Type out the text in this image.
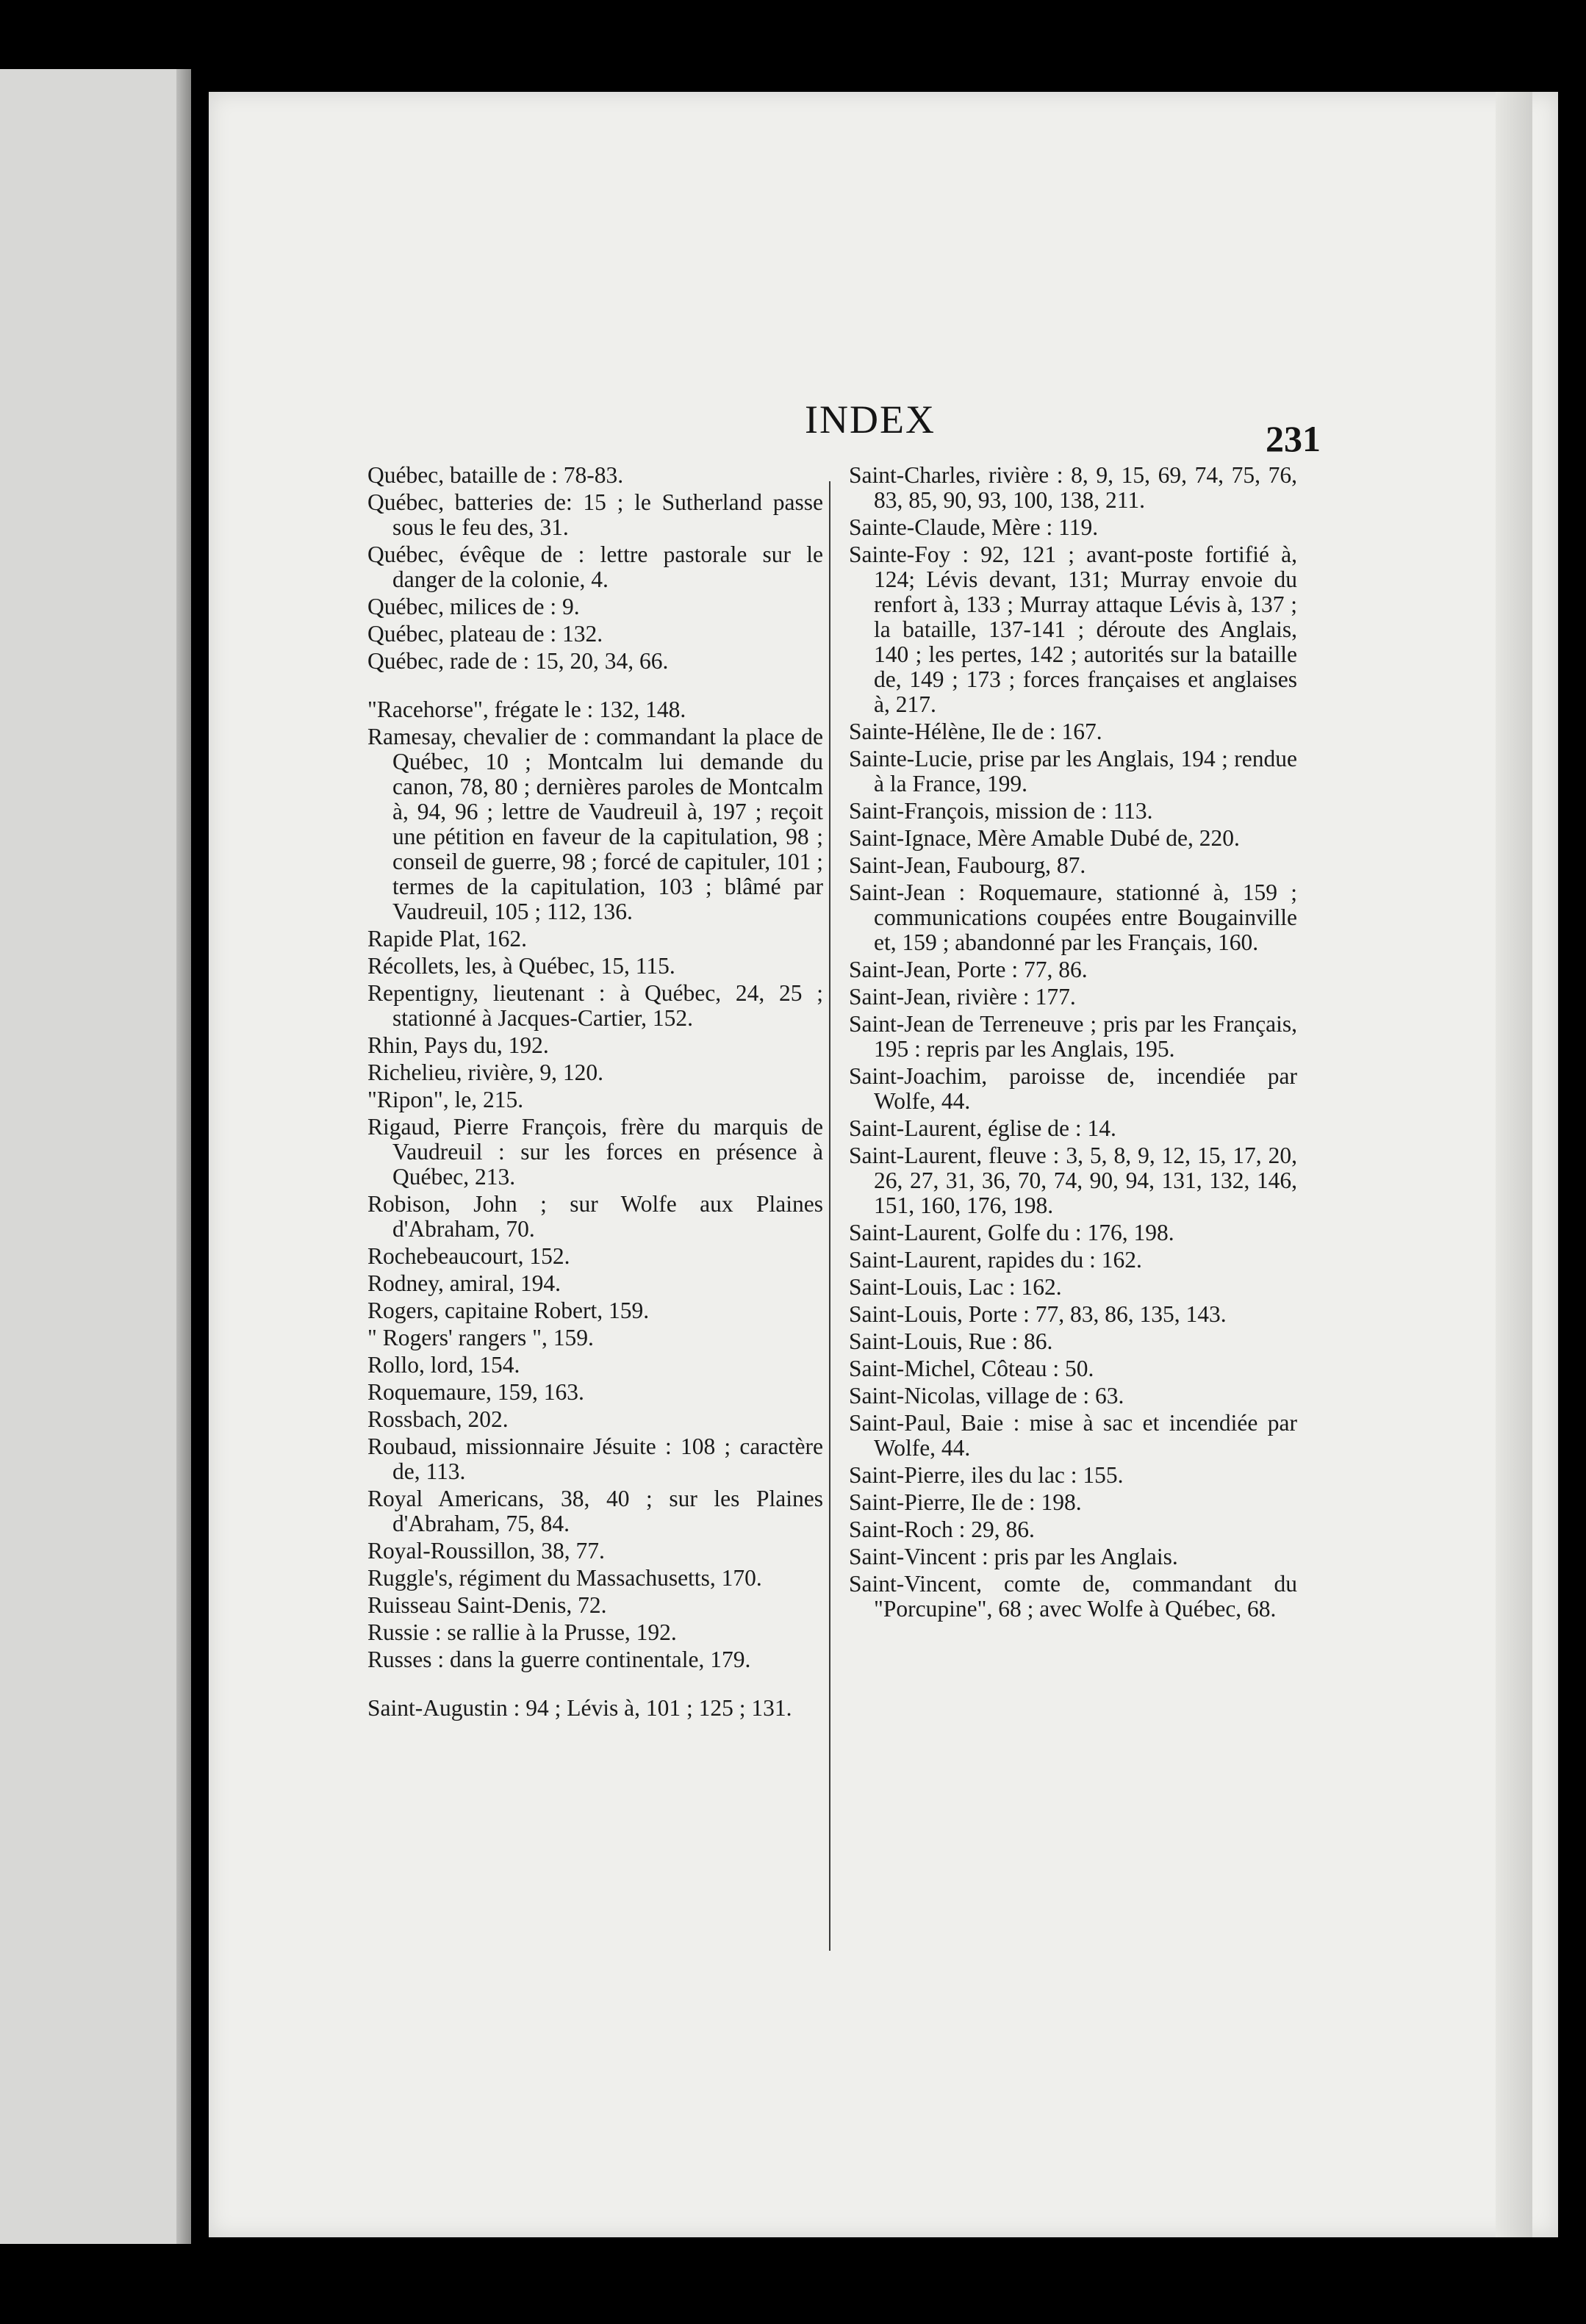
INDEX	231

Québec, bataille de : 78-83.

Québec, batteries de: 15 ; le Sutherland passe sous le feu des, 31.

Québec, évêque de : lettre pastorale sur le danger de la colonie, 4.

Québec, milices de : 9.

Québec, plateau de : 132.

Québec, rade de : 15, 20, 34, 66.

"Racehorse", frégate le : 132, 148.

Ramesay, chevalier de : commandant la place de Québec, 10 ; Montcalm lui demande du canon, 78, 80 ; dernières paroles de Montcalm à, 94, 96 ; lettre de Vaudreuil à, 197 ; reçoit une pétition en faveur de la capitulation, 98 ; conseil de guerre, 98 ; forcé de capituler, 101 ; termes de la capitulation, 103 ; blâmé par Vaudreuil, 105 ; 112, 136.

Rapide Plat, 162.

Récollets, les, à Québec, 15, 115.

Repentigny, lieutenant : à Québec, 24, 25 ; stationné à Jacques-Cartier, 152.

Rhin, Pays du, 192.

Richelieu, rivière, 9, 120.

"Ripon", le, 215.

Rigaud, Pierre François, frère du marquis de Vaudreuil : sur les forces en présence à Québec, 213.

Robison, John ; sur Wolfe aux Plaines d'Abraham, 70.

Rochebeaucourt, 152.

Rodney, amiral, 194.

Rogers, capitaine Robert, 159.

" Rogers' rangers ", 159.

Rollo, lord, 154.

Roquemaure, 159, 163.

Rossbach, 202.

Roubaud, missionnaire Jésuite : 108 ; caractère de, 113.

Royal Americans, 38, 40 ; sur les Plaines d'Abraham, 75, 84.

Royal-Roussillon, 38, 77.

Ruggle's, régiment du Massachusetts, 170.

Ruisseau Saint-Denis, 72.

Russie : se rallie à la Prusse, 192.

Russes : dans la guerre continentale, 179.

Saint-Augustin : 94 ; Lévis à, 101 ; 125 ; 131.

Saint-Charles, rivière : 8, 9, 15, 69, 74, 75, 76, 83, 85, 90, 93, 100, 138, 211.

Sainte-Claude, Mère : 119.

Sainte-Foy : 92, 121 ; avant-poste fortifié à, 124; Lévis devant, 131; Murray envoie du renfort à, 133 ; Murray attaque Lévis à, 137 ; la bataille, 137-141 ; déroute des Anglais, 140 ; les pertes, 142 ; autorités sur la bataille de, 149 ; 173 ; forces françaises et anglaises à, 217.

Sainte-Hélène, Ile de : 167.

Sainte-Lucie, prise par les Anglais, 194 ; rendue à la France, 199.

Saint-François, mission de : 113.

Saint-Ignace, Mère Amable Dubé de, 220.

Saint-Jean, Faubourg, 87.

Saint-Jean : Roquemaure, stationné à, 159 ; communications coupées entre Bougainville et, 159 ; abandonné par les Français, 160.

Saint-Jean, Porte : 77, 86.

Saint-Jean, rivière : 177.

Saint-Jean de Terreneuve ; pris par les Français, 195 : repris par les Anglais, 195.

Saint-Joachim, paroisse de, incendiée par Wolfe, 44.

Saint-Laurent, église de : 14.

Saint-Laurent, fleuve : 3, 5, 8, 9, 12, 15, 17, 20, 26, 27, 31, 36, 70, 74, 90, 94, 131, 132, 146, 151, 160, 176, 198.

Saint-Laurent, Golfe du : 176, 198.

Saint-Laurent, rapides du : 162.

Saint-Louis, Lac : 162.

Saint-Louis, Porte : 77, 83, 86, 135, 143.

Saint-Louis, Rue : 86.

Saint-Michel, Côteau : 50.

Saint-Nicolas, village de : 63.

Saint-Paul, Baie : mise à sac et incendiée par Wolfe, 44.

Saint-Pierre, iles du lac : 155.

Saint-Pierre, Ile de : 198.

Saint-Roch : 29, 86.

Saint-Vincent : pris par les Anglais.

Saint-Vincent, comte de, commandant du "Porcupine", 68 ; avec Wolfe à Québec, 68.
